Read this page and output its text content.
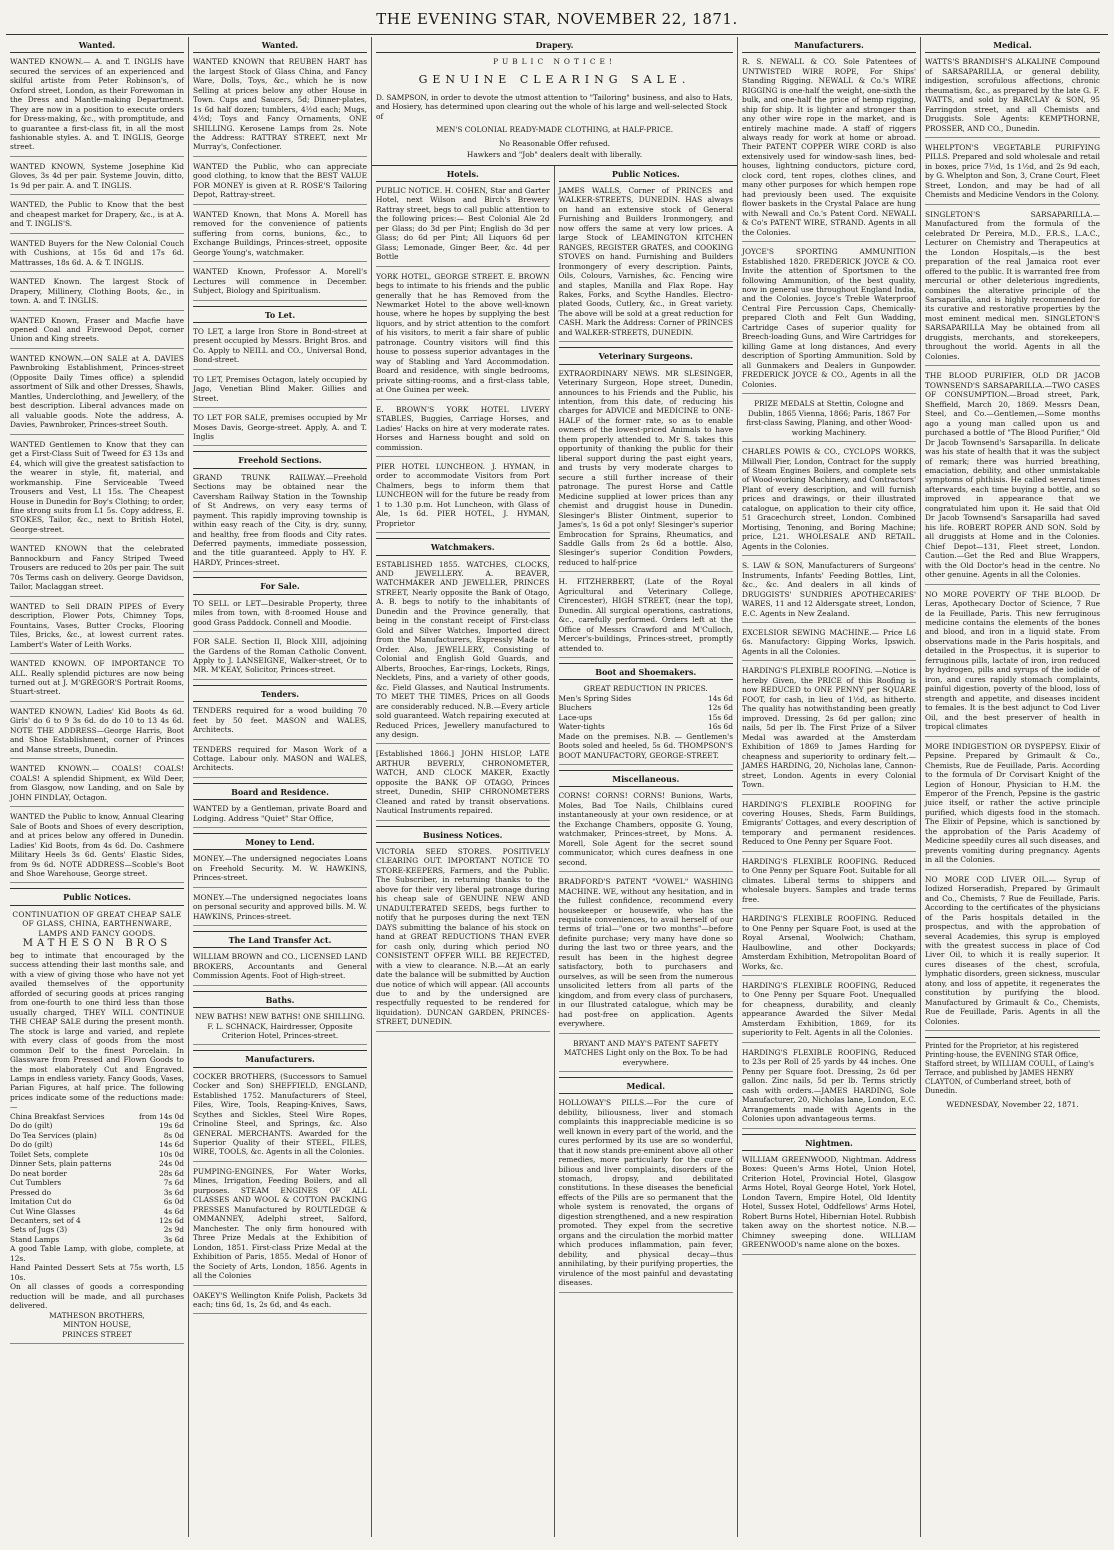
THE EVENING STAR, NOVEMBER 22, 1871.
Wanted.
WANTED KNOWN.— A. and T. INGLIS have secured the services of an experienced and skilful artiste from Peter Robinson's, of Oxford street, London, as their Forewoman in the Dress and Mantle-making Department. They are now in a position to execute orders for Dress-making, &c., with promptitude, and to guarantee a first-class fit, in all the most fashionable styles. A. and T. INGLIS, George street.
WANTED KNOWN, Systeme Josephine Kid Gloves, 3s 4d per pair. Systeme Jouvin, ditto, 1s 9d per pair. A. and T. INGLIS.
WANTED, the Public to Know that the best and cheapest market for Drapery, &c., is at A. and T. INGLIS'S.
WANTED Buyers for the New Colonial Couch with Cushions, at 15s 6d and 17s 6d. Mattrasses, 18s 6d. A. & T. INGLIS.
WANTED Known. The largest Stock of Drapery, Millinery, Clothing Boots, &c., in town. A. and T. INGLIS.
WANTED Known, Fraser and Macfie have opened Coal and Firewood Depot, corner Union and King streets.
WANTED KNOWN.—ON SALE at A. DAVIES Pawnbroking Establishment, Princes-street (Opposite Daily Times office) a splendid assortment of Silk and other Dresses, Shawls, Mantles, Underclothing, and Jewellery, of the best description. Liberal advances made on all valuable goods. Note the address, A. Davies, Pawnbroker, Princes-street South.
WANTED Gentlemen to Know that they can get a First-Class Suit of Tweed for £3 13s and £4, which will give the greatest satisfaction to the wearer in style, fit, material, and workmanship. Fine Serviceable Tweed Trousers and Vest, L1 15s. The Cheapest House in Dunedin for Boy's Clothing; to order, fine strong suits from L1 5s. Copy address, E. STOKES, Tailor, &c., next to British Hotel, George-street.
WANTED KNOWN that the celebrated Bannockburn and Fancy Striped Tweed Trousers are reduced to 20s per pair. The suit 70s Terms cash on delivery. George Davidson, Tailor, Maclaggan street.
WANTED to Sell DRAIN PIPES of Every description, Flower Pots, Chimney Tops, Fountains, Vases, Butter Crocks, Flooring Tiles, Bricks, &c., at lowest current rates. Lambert's Water of Leith Works.
WANTED KNOWN. OF IMPORTANCE TO ALL. Really splendid pictures are now being turned out at J. M'GREGOR'S Portrait Rooms, Stuart-street.
WANTED KNOWN, Ladies' Kid Boots 4s 6d. Girls' do 6 to 9 3s 6d. do do 10 to 13 4s 6d. NOTE THE ADDRESS—George Harris, Boot and Shoe Establishment, corner of Princes and Manse streets, Dunedin.
WANTED KNOWN.— COALS! COALS! COALS! A splendid Shipment, ex Wild Deer, from Glasgow, now Landing, and on Sale by JOHN FINDLAY, Octagon.
WANTED the Public to know, Annual Clearing Sale of Boots and Shoes of every description, and at prices below any offered in Dunedin. Ladies' Kid Boots, from 4s 6d. Do. Cashmere Military Heels 3s 6d. Gents' Elastic Sides, from 9s 6d. NOTE ADDRESS—Scoble's Boot and Shoe Warehouse, George street.
Public Notices.

CONTINUATION OF GREAT CHEAP SALE OF GLASS, CHINA, EARTHENWARE, LAMPS AND FANCY GOODS.

MATHESON BROS

beg to intimate that encouraged by the success attending their last months sale, and with a view of giving those who have not yet availed themselves of the opportunity afforded of securing goods at prices ranging from one-fourth to one third less than those usually charged, THEY WILL CONTINUE THE CHEAP SALE during the present month. The stock is large and varied, and replete with every class of goods from the most common Delf to the finest Porcelain. In Glassware from Pressed and Flown Goods to the most elaborately Cut and Engraved. Lamps in endless variety. Fancy Goods, Vases, Parian Figures, at half price. The following prices indicate some of the reductions made:—

China Breakfast Services	from 14s 0d
Do do (gilt)	19s 6d
Do Tea Services (plain)	8s 0d
Do do (gilt)	14s 6d
Toilet Sets, complete	10s 0d
Dinner Sets, plain patterns	24s 0d
Do neat border	28s 6d
Cut Tumblers	7s 6d
Pressed do	3s 6d
Imitation Cut do	6s 0d
Cut Wine Glasses	4s 6d
Decanters, set of 4	12s 6d
Sets of Jugs (3)	2s 9d
Stand Lamps	3s 6d

A good Table Lamp, with globe, complete, at 12s.

Hand Painted Dessert Sets at 75s worth, L5 10s.

On all classes of goods a corresponding reduction will be made, and all purchases delivered.

MATHESON BROTHERS,

MINTON HOUSE,

PRINCES STREET

Wanted.
WANTED KNOWN that REUBEN HART has the largest Stock of Glass China, and Fancy Ware, Dolls, Toys, &c., which he is now Selling at prices below any other House in Town. Cups and Saucers, 5d; Dinner-plates, 1s 6d half dozen; tumblers, 4½d each; Mugs, 4½d; Toys and Fancy Ornaments, ONE SHILLING. Kerosene Lamps from 2s. Note the Address: RATTRAY STREET, next Mr Murray's, Confectioner.
WANTED the Public, who can appreciate good clothing, to know that the BEST VALUE FOR MONEY is given at R. ROSE'S Tailoring Depot, Rattray-street.
WANTED Known, that Mons A. Morell has removed for the convenience of patients suffering from corns, bunions, &c., to Exchange Buildings, Princes-street, opposite George Young's, watchmaker.
WANTED Known, Professor A. Morell's Lectures will commence in December. Subject, Biology and Spiritualism.
To Let.
TO LET, a large Iron Store in Bond-street at present occupied by Messrs. Bright Bros. and Co. Apply to NEILL and CO., Universal Bond, Bond-street.
TO LET, Premises Octagon, lately occupied by Jago, Venetian Blind Maker. Gillies and Street.
TO LET FOR SALE, premises occupied by Mr Moses Davis, George-street. Apply, A. and T. Inglis
Freehold Sections.
GRAND TRUNK RAILWAY.—Freehold Sections may be obtained near the Caversham Railway Station in the Township of St Andrews, on very easy terms of payment. This rapidly improving township is within easy reach of the City, is dry, sunny, and healthy, free from floods and City rates. Deferred payments, immediate possession, and the title guaranteed. Apply to HY. F. HARDY, Princes-street.
For Sale.
TO SELL or LET—Desirable Property, three miles from town, with 8-roomed House and good Grass Paddock. Connell and Moodie.
FOR SALE. Section II, Block XIII, adjoining the Gardens of the Roman Catholic Convent. Apply to J. LANSEIGNE, Walker-street, Or to MR. M'KEAY, Solicitor, Princes-street.
Tenders.
TENDERS required for a wood building 70 feet by 50 feet. MASON and WALES, Architects.
TENDERS required for Mason Work of a Cottage. Labour only. MASON and WALES, Architects.
Board and Residence.
WANTED by a Gentleman, private Board and Lodging. Address "Quiet" Star Office,
Money to Lend.
MONEY.—The undersigned negociates Loans on Freehold Security. M. W. HAWKINS, Princes-street.
MONEY.—The undersigned negociates loans on personal security and approved bills. M. W. HAWKINS, Princes-street.
The Land Transfer Act.
WILLIAM BROWN and CO., LICENSED LAND BROKERS, Accountants and General Commission Agents. Foot of High-street.
Baths.
NEW BATHS! NEW BATHS! ONE SHILLING. F. L. SCHNACK, Hairdresser, Opposite Criterion Hotel, Princes-street.
Manufacturers.
COCKER BROTHERS, (Successors to Samuel Cocker and Son) SHEFFIELD, ENGLAND, Established 1752. Manufacturers of Steel, Files, Wire, Tools, Reaping-Knives, Saws, Scythes and Sickles, Steel Wire Ropes, Crinoline Steel, and Springs, &c. Also GENERAL MERCHANTS. Awarded for the Superior Quality of their STEEL, FILES, WIRE, TOOLS, &c. Agents in all the Colonies.
PUMPING-ENGINES, For Water Works, Mines, Irrigation, Feeding Boilers, and all purposes. STEAM ENGINES OF ALL CLASSES AND WOOL & COTTON PACKING PRESSES Manufactured by ROUTLEDGE & OMMANNEY, Adelphi street, Salford, Manchester. The only firm honoured with Three Prize Medals at the Exhibition of London, 1851. First-class Prize Medal at the Exhibition of Paris, 1855. Medal of Honor of the Society of Arts, London, 1856. Agents in all the Colonies
OAKEY'S Wellington Knife Polish, Packets 3d each; tins 6d, 1s, 2s 6d, and 4s each.
Drapery.

PUBLIC NOTICE!

GENUINE CLEARING SALE.

D. SAMPSON, in order to devote the utmost attention to "Tailoring" business, and also to Hats, and Hosiery, has determined upon clearing out the whole of his large and well-selected Stock of

MEN'S COLONIAL READY-MADE CLOTHING, at HALF-PRICE.

No Reasonable Offer refused.

Hawkers and "Job" dealers dealt with liberally.

Hotels.
PUBLIC NOTICE. H. COHEN, Star and Garter Hotel, next Wilson and Birch's Brewery Rattray street, begs to call public attention to the following prices:— Best Colonial Ale 2d per Glass; do 3d per Pint; English do 3d per Glass; do 6d per Pint; All Liquors 6d per Glass; Lemonade, Ginger Beer, &c. 4d per Bottle
YORK HOTEL, GEORGE STREET. E. BROWN begs to intimate to his friends and the public generally that he has Removed from the Newmarket Hotel to the above well-known house, where he hopes by supplying the best liquors, and by strict attention to the comfort of his visitors, to merit a fair share of public patronage. Country visitors will find this house to possess superior advantages in the way of Stabling and Yard Accommodation. Board and residence, with single bedrooms, private sitting-rooms, and a first-class table, at One Guinea per week.
E. BROWN'S YORK HOTEL LIVERY STABLES, Buggies, Carriage Horses, and Ladies' Hacks on hire at very moderate rates. Horses and Harness bought and sold on commission.
PIER HOTEL LUNCHEON. J. HYMAN, in order to accommodate Visitors from Port Chalmers, begs to inform them that LUNCHEON will for the future be ready from 1 to 1.30 p.m. Hot Luncheon, with Glass of Ale, 1s 6d. PIER HOTEL, J. HYMAN, Proprietor
Watchmakers.
ESTABLISHED 1855. WATCHES, CLOCKS, AND JEWELLERY. A. BEAVER, WATCHMAKER AND JEWELLER, PRINCES STREET, Nearly opposite the Bank of Otago, A. B. begs to notify to the inhabitants of Dunedin and the Province generally, that being in the constant receipt of First-class Gold and Silver Watches, Imported direct from the Manufacturers, Expressly Made to Order. Also, JEWELLERY, Consisting of Colonial and English Gold Guards, and Alberts, Brooches, Ear-rings, Lockets, Rings, Necklets, Pins, and a variety of other goods, &c. Field Glasses, and Nautical Instruments. TO MEET THE TIMES, Prices on all Goods are considerably reduced. N.B.—Every article sold guaranteed. Watch repairing executed at Reduced Prices, Jewellery manufactured to any design.
[Established 1866.] JOHN HISLOP, LATE ARTHUR BEVERLY, CHRONOMETER, WATCH, AND CLOCK MAKER, Exactly opposite the BANK OF OTAGO, Princes street, Dunedin, SHIP CHRONOMETERS Cleaned and rated by transit observations. Nautical Instruments repaired.
Business Notices.
VICTORIA SEED STORES. POSITIVELY CLEARING OUT. IMPORTANT NOTICE TO STORE-KEEPERS, Farmers, and the Public. The Subscriber, in returning thanks to the above for their very liberal patronage during his cheap sale of GENUINE NEW AND UNADULTERATED SEEDS, begs further to notify that he purposes during the next TEN DAYS submitting the balance of his stock on hand at GREAT REDUCTIONS THAN EVER for cash only, during which period NO CONSISTENT OFFER WILL BE REJECTED, with a view to clearance. N.B.—At an early date the balance will be submitted by Auction due notice of which will appear. (All accounts due to and by the undersigned are respectfully requested to be rendered for liquidation). DUNCAN GARDEN, PRINCES-STREET, DUNEDIN.
Public Notices.
JAMES WALLS, Corner of PRINCES and WALKER-STREETS, DUNEDIN. HAS always on hand an extensive stock of General Furnishing and Builders Ironmongery, and now offers the same at very low prices. A large Stock of LEAMINGTON KITCHEN RANGES, REGISTER GRATES, and COOKING STOVES on hand. Furnishing and Builders Ironmongery of every description. Paints, Oils, Colours, Varnishes, &c. Fencing wire and staples, Manilla and Flax Rope. Hay Rakes, Forks, and Scythe Handles. Electro-plated Goods, Cutlery, &c., in Great variety. The above will be sold at a great reduction for CASH. Mark the Address: Corner of PRINCES and WALKER-STREETS, DUNEDIN.
Veterinary Surgeons.
EXTRAORDINARY NEWS. MR SLESINGER, Veterinary Surgeon, Hope street, Dunedin, announces to his Friends and the Public, his intention, from this date, of reducing his charges for ADVICE and MEDICINE to ONE-HALF of the former rate, so as to enable owners of the lowest-priced Animals to have them properly attended to. Mr S. takes this opportunity of thanking the public for their liberal support during the past eight years, and trusts by very moderate charges to secure a still further increase of their patronage. The purest Horse and Cattle Medicine supplied at lower prices than any chemist and druggist house in Dunedin. Slesinger's Blister Ointment, superior to James's, 1s 6d a pot only! Slesinger's superior Embrocation for Sprains, Rheumatics, and Saddle Galls from 2s 6d a bottle. Also, Slesinger's superior Condition Powders, reduced to half-price
H. FITZHERBERT, (Late of the Royal Agricultural and Veterinary College, Cirencester), HIGH STREET, (near the top), Dunedin. All surgical operations, castrations, &c., carefully performed. Orders left at the Office of Messrs Crawford and M'Culloch, Mercer's-buildings, Princes-street, promptly attended to.
Boot and Shoemakers.

GREAT REDUCTION IN PRICES.

Men's Spring Sides	14s 6d
Bluchers	12s 6d
Lace-ups	15s 6d
Water-tights	16s 6d

Made on the premises. N.B. — Gentlemen's Boots soled and heeled, 5s 6d. THOMPSON'S BOOT MANUFACTORY, GEORGE-STREET.

Miscellaneous.
CORNS! CORNS! CORNS! Bunions, Warts, Moles, Bad Toe Nails, Chilblains cured instantaneously at your own residence, or at the Exchange Chambers, opposite G. Young, watchmaker, Princes-street, by Mons. A. Morell, Sole Agent for the secret sound communicator, which cures deafness in one second.
BRADFORD'S PATENT "VOWEL" WASHING MACHINE. WE, without any hesitation, and in the fullest confidence, recommend every housekeeper or housewife, who has the requisite conveniences, to avail herself of our terms of trial—"one or two months"—before definite purchase; very many have done so during the last two or three years, and the result has been in the highest degree satisfactory, both to purchasers and ourselves, as will be seen from the numerous unsolicited letters from all parts of the kingdom, and from every class of purchasers, in our Illustrated catalogue, which may be had post-free on application. Agents everywhere.
BRYANT AND MAY'S PATENT SAFETY MATCHES Light only on the Box. To be had everywhere.
Medical.
HOLLOWAY'S PILLS.—For the cure of debility, biliousness, liver and stomach complaints this inappreciable medicine is so well known in every part of the world, and the cures performed by its use are so wonderful, that it now stands pre-eminent above all other remedies, more particularly for the cure of bilious and liver complaints, disorders of the stomach, dropsy, and debilitated constitutions. In these diseases the beneficial effects of the Pills are so permanent that the whole system is renovated, the organs of digestion strengthened, and a new respiration promoted. They expel from the secretive organs and the circulation the morbid matter which produces inflammation, pain fever, debility, and physical decay—thus annihilating, by their purifying properties, the virulence of the most painful and devastating diseases.
Manufacturers.
R. S. NEWALL & CO. Sole Patentees of UNTWISTED WIRE ROPE, For Ships' Standing Rigging. NEWALL & Co.'s WIRE RIGGING is one-half the weight, one-sixth the bulk, and one-half the price of hemp rigging, ship for ship. It is lighter and stronger than any other wire rope in the market, and is entirely machine made. A staff of riggers always ready for work at home or abroad. Their PATENT COPPER WIRE CORD is also extensively used for window-sash lines, bed-houses, lightning conductors, picture cord, clock cord, tent ropes, clothes clines, and many other purposes for which hempen rope had previously been used. The exquisite flower baskets in the Crystal Palace are hung with Newall and Co.'s Patent Cord. NEWALL & Co's PATENT WIRE, STRAND. Agents in all the Colonies.
JOYCE'S SPORTING AMMUNITION Established 1820. FREDERICK JOYCE & CO. Invite the attention of Sportsmen to the following Ammunition, of the best quality, now in general use throughout England India, and the Colonies. Joyce's Treble Waterproof Central Fire Percussion Caps, Chemically-prepared Cloth and Felt Gun Wadding, Cartridge Cases of superior quality for Breech-loading Guns, and Wire Cartridges for killing Game at long distances, And every description of Sporting Ammunition. Sold by all Gunmakers and Dealers in Gunpowder. FREDERICK JOYCE & CO., Agents in all the Colonies.
PRIZE MEDALS at Stettin, Cologne and Dublin, 1865 Vienna, 1866; Paris, 1867 For first-class Sawing, Planing, and other Wood-working Machinery.
CHARLES POWIS & CO., CYCLOPS WORKS, Millwall Pier, London, Contract for the supply of Steam Engines Boilers, and complete sets of Wood-working Machinery, and Contractors' Plant of every description, and will furnish prices and drawings, or their illustrated catalogue, on application to their city office, 51 Gracechurch street, London. Combined Mortising, Tenoning, and Boring Machine; price, L21. WHOLESALE AND RETAIL. Agents in the Colonies.
S. LAW & SON, Manufacturers of Surgeons' Instruments, Infants' Feeding Bottles, Lint, &c., &c. And dealers in all kinds of DRUGGISTS' SUNDRIES APOTHECARIES' WARES, 11 and 12 Aldersgate street, London, E.C. Agents in New Zealand.
EXCELSIOR SEWING MACHINE.— Price L6 6s. Manufactory: Gipping Works, Ipswich. Agents in all the Colonies.
HARDING'S FLEXIBLE ROOFING. —Notice is hereby Given, the PRICE of this Roofing is now REDUCED to ONE PENNY per SQUARE FOOT, for cash, in lieu of 1½d, as hitherto. The quality has notwithstanding been greatly improved. Dressing, 2s 6d per gallon; zinc nails, 5d per lb. The First Prize of a Silver Medal was awarded at the Amsterdam Exhibition of 1869 to James Harding for cheapness and superiority to ordinary felt.—JAMES HARDING, 20, Nicholas lane, Cannon-street, London. Agents in every Colonial Town.
HARDING'S FLEXIBLE ROOFING for covering Houses, Sheds, Farm Buildings, Emigrants' Cottages, and every description of temporary and permanent residences. Reduced to One Penny per Square Foot.
HARDING'S FLEXIBLE ROOFING. Reduced to One Penny per Square Foot. Suitable for all climates. Liberal terms to shippers and wholesale buyers. Samples and trade terms free.
HARDING'S FLEXIBLE ROOFING. Reduced to One Penny per Square Foot, is used at the Royal Arsenal, Woolwich; Chatham, Haulbowline, and other Dockyards; Amsterdam Exhibition, Metropolitan Board of Works, &c.
HARDING'S FLEXIBLE ROOFING, Reduced to One Penny per Square Foot. Unequalled for cheapness, durability, and cleanly appearance Awarded the Silver Medal Amsterdam Exhibition, 1869, for its superiority to Felt. Agents in all the Colonies.
HARDING'S FLEXIBLE ROOFING, Reduced to 23s per Roll of 25 yards by 44 inches. One Penny per Square foot. Dressing, 2s 6d per gallon. Zinc nails, 5d per lb. Terms strictly cash with orders.—JAMES HARDING, Sole Manufacturer, 20, Nicholas lane, London, E.C. Arrangements made with Agents in the Colonies upon advantageous terms.
Nightmen.
WILLIAM GREENWOOD, Nightman. Address Boxes: Queen's Arms Hotel, Union Hotel, Criterion Hotel, Provincial Hotel, Glasgow Arms Hotel, Royal George Hotel, York Hotel, London Tavern, Empire Hotel, Old Identity Hotel, Sussex Hotel, Oddfellows' Arms Hotel, Robert Burns Hotel, Hibernian Hotel. Rubbish taken away on the shortest notice. N.B.—Chimney sweeping done. WILLIAM GREENWOOD's name alone on the boxes.
Medical.
WATTS'S BRANDISH'S ALKALINE Compound of SARSAPARILLA, or general debility, indigestion, scrofulous affections, chronic rheumatism, &c., as prepared by the late G. F. WATTS, and sold by BARCLAY & SON, 95 Farringdon street, and all Chemists and Druggists. Sole Agents: KEMPTHORNE, PROSSER, AND CO., Dunedin.
WHELPTON'S VEGETABLE PURIFYING PILLS. Prepared and sold wholesale and retail in boxes, price 7½d, 1s 1½d, and 2s 9d each, by G. Whelpton and Son, 3, Crane Court, Fleet Street, London, and may be had of all Chemists and Medicine Vendors in the Colony.
SINGLETON'S SARSAPARILLA.— Manufactured from the formula of the celebrated Dr Pereira, M.D., F.R.S., L.A.C., Lecturer on Chemistry and Therapeutics at the London Hospitals,—is the best preparation of the real Jamaica root ever offered to the public. It is warranted free from mercurial or other deleterious ingredients, combines the alterative principle of the Sarsaparilla, and is highly recommended for its curative and restorative properties by the most eminent medical men. SINGLETON'S SARSAPARILLA May be obtained from all druggists, merchants, and storekeepers, throughout the world. Agents in all the Colonies.
THE BLOOD PURIFIER, OLD DR JACOB TOWNSEND'S SARSAPARILLA.—TWO CASES OF CONSUMPTION.—Broad street, Park, Sheffield, March 20, 1869. Messrs Dean, Steel, and Co.—Gentlemen,—Some months ago a young man called upon us and purchased a bottle of "The Blood Purifier," Old Dr Jacob Townsend's Sarsaparilla. In delicate was his state of health that it was the subject of remark; there was hurried breathing, emaciation, debility, and other unmistakable symptoms of phthisis. He called several times afterwards, each time buying a bottle, and so improved in appearance that we congratulated him upon it. He said that Old Dr Jacob Townsend's Sarsaparilla had saved his life. ROBERT ROPER AND SON. Sold by all druggists at Home and in the Colonies. Chief Depot—131, Fleet street, London. Caution.—Get the Red and Blue Wrappers, with the Old Doctor's head in the centre. No other genuine. Agents in all the Colonies.
NO MORE POVERTY OF THE BLOOD. Dr Leras, Apothecary Doctor of Science, 7 Rue de la Feuillade, Paris. This new ferruginous medicine contains the elements of the bones and blood, and iron in a liquid state. From observations made in the Paris hospitals, and detailed in the Prospectus, it is superior to ferruginous pills, lactate of iron, iron reduced by hydrogen, pills and syrups of the iodide of iron, and cures rapidly stomach complaints, painful digestion, poverty of the blood, loss of strength and appetite, and diseases incident to females. It is the best adjunct to Cod Liver Oil, and the best preserver of health in tropical climates
MORE INDIGESTION OR DYSPEPSY. Elixir of Pepsine. Prepared by Grimault & Co., Chemists, Rue de Feuillade, Paris. According to the formula of Dr Corvisart Knight of the Legion of Honour, Physician to H.M. the Emperor of the French, Pepsine is the gastric juice itself, or rather the active principle purified, which digests food in the stomach. The Elixir of Pepsine, which is sanctioned by the approbation of the Paris Academy of Medicine speedily cures all such diseases, and prevents vomiting during pregnancy. Agents in all the Colonies.
NO MORE COD LIVER OIL.— Syrup of Iodized Horseradish, Prepared by Grimault and Co., Chemists, 7 Rue de Feuillade, Paris. According to the certificates of the physicians of the Paris hospitals detailed in the prospectus, and with the approbation of several Academies, this syrup is employed with the greatest success in place of Cod Liver Oil, to which it is really superior. It cures diseases of the chest, scrofula, lymphatic disorders, green sickness, muscular atony, and loss of appetite, it regenerates the constitution by purifying the blood. Manufactured by Grimault & Co., Chemists, Rue de Feuillade, Paris. Agents in all the Colonies.
Printed for the Proprietor, at his registered Printing-house, the EVENING STAR Office, Stafford street, by WILLIAM COULL, of Laing's Terrace, and published by JAMES HENRY CLAYTON, of Cumberland street, both of Dunedin.

WEDNESDAY, November 22, 1871.
